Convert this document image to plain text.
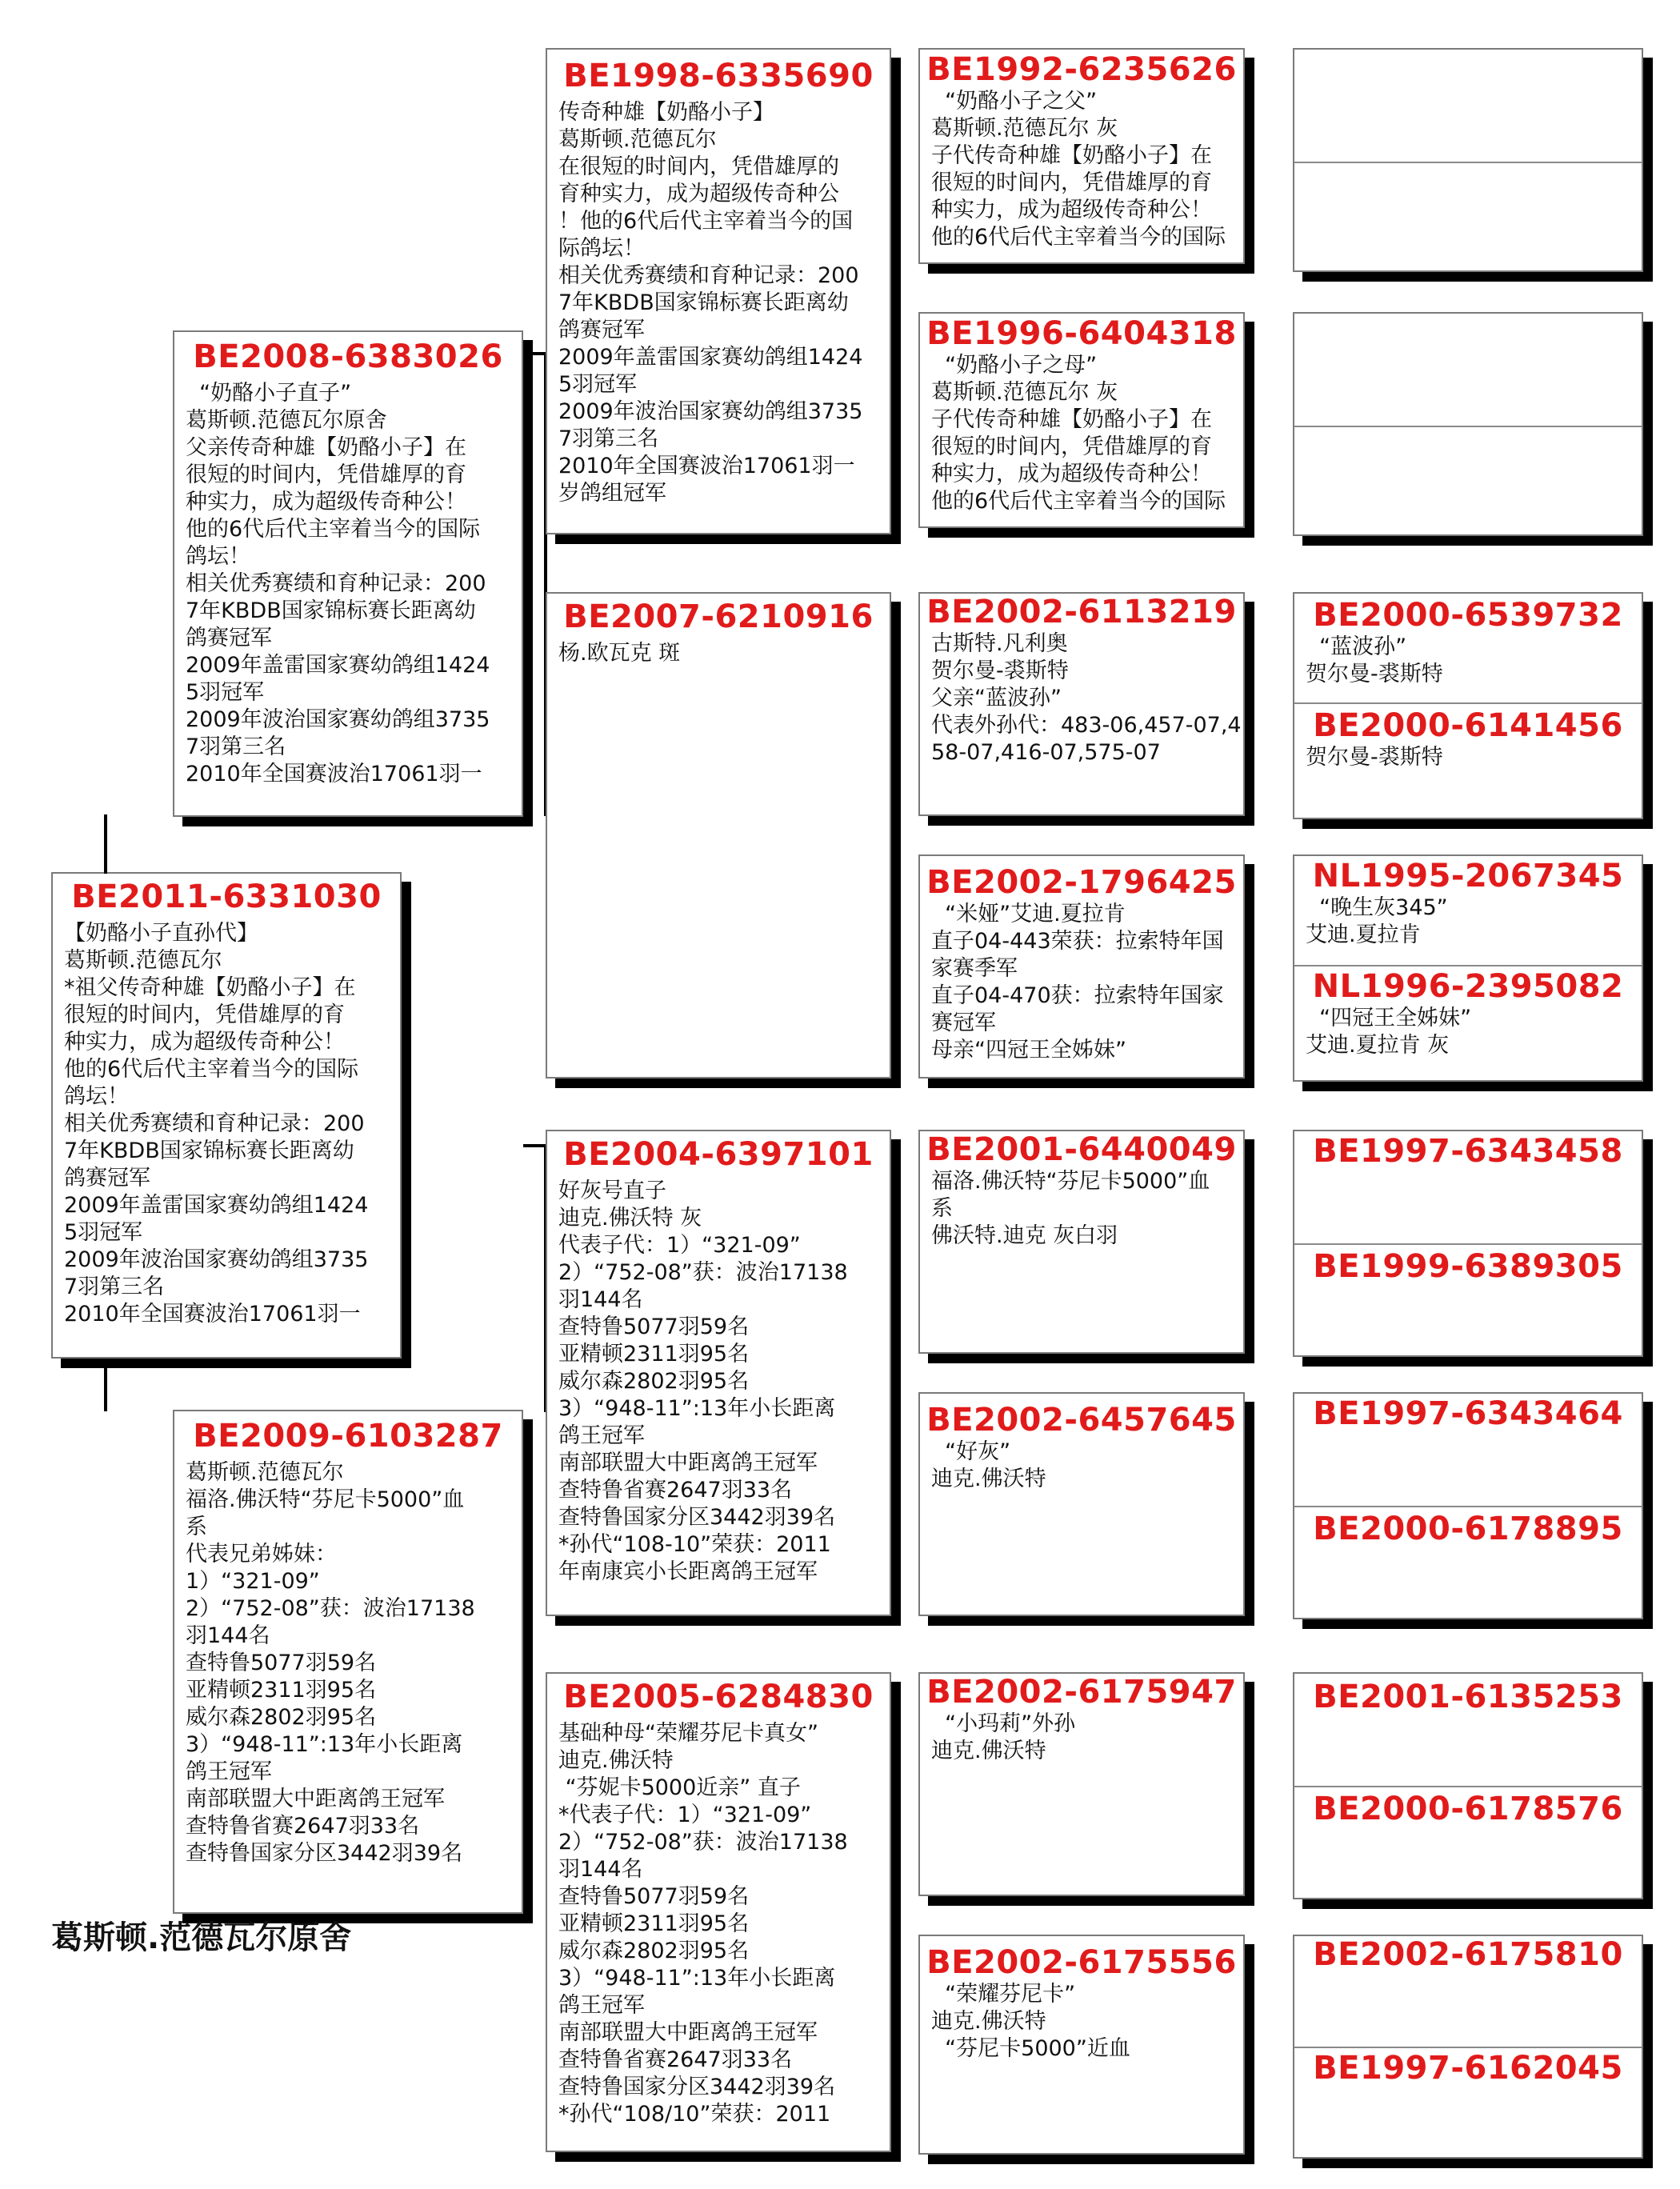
BE2011-6331030
【奶酪小子直孙代】
葛斯顿.范德瓦尔
*祖父传奇种雄【奶酪小子】在
很短的时间内，凭借雄厚的育
种实力，成为超级传奇种公！
他的6代后代主宰着当今的国际
鸽坛！
相关优秀赛绩和育种记录：200
7年KBDB国家锦标赛长距离幼
鸽赛冠军
2009年盖雷国家赛幼鸽组1424
5羽冠军
2009年波治国家赛幼鸽组3735
7羽第三名
2010年全国赛波治17061羽一
BE2008-6383026
“奶酪小子直子”
葛斯顿.范德瓦尔原舍
父亲传奇种雄【奶酪小子】在
很短的时间内，凭借雄厚的育
种实力，成为超级传奇种公！
他的6代后代主宰着当今的国际
鸽坛！
相关优秀赛绩和育种记录：200
7年KBDB国家锦标赛长距离幼
鸽赛冠军
2009年盖雷国家赛幼鸽组1424
5羽冠军
2009年波治国家赛幼鸽组3735
7羽第三名
2010年全国赛波治17061羽一
BE2009-6103287
葛斯顿.范德瓦尔
福洛.佛沃特“芬尼卡5000”血
系
代表兄弟姊妹：
1）“321-09”
2）“752-08”获：波治17138
羽144名
查特鲁5077羽59名
亚精顿2311羽95名
威尔森2802羽95名
3）“948-11”:13年小长距离
鸽王冠军
南部联盟大中距离鸽王冠军
查特鲁省赛2647羽33名
查特鲁国家分区3442羽39名
BE1998-6335690
传奇种雄【奶酪小子】
葛斯顿.范德瓦尔
在很短的时间内，凭借雄厚的
育种实力，成为超级传奇种公
！他的6代后代主宰着当今的国
际鸽坛！
相关优秀赛绩和育种记录：200
7年KBDB国家锦标赛长距离幼
鸽赛冠军
2009年盖雷国家赛幼鸽组1424
5羽冠军
2009年波治国家赛幼鸽组3735
7羽第三名
2010年全国赛波治17061羽一
岁鸽组冠军
BE2007-6210916
杨.欧瓦克 斑
BE2004-6397101
好灰号直子
迪克.佛沃特 灰
代表子代：1）“321-09”
2）“752-08”获：波治17138
羽144名
查特鲁5077羽59名
亚精顿2311羽95名
威尔森2802羽95名
3）“948-11”:13年小长距离
鸽王冠军
南部联盟大中距离鸽王冠军
查特鲁省赛2647羽33名
查特鲁国家分区3442羽39名
*孙代“108-10”荣获：2011
年南康宾小长距离鸽王冠军
BE2005-6284830
基础种母“荣耀芬尼卡真女”
迪克.佛沃特
“芬妮卡5000近亲” 直子
*代表子代：1）“321-09”
2）“752-08”获：波治17138
羽144名
查特鲁5077羽59名
亚精顿2311羽95名
威尔森2802羽95名
3）“948-11”:13年小长距离
鸽王冠军
南部联盟大中距离鸽王冠军
查特鲁省赛2647羽33名
查特鲁国家分区3442羽39名
*孙代“108/10”荣获：2011
BE1992-6235626
“奶酪小子之父”
葛斯顿.范德瓦尔 灰
子代传奇种雄【奶酪小子】在
很短的时间内，凭借雄厚的育
种实力，成为超级传奇种公！
他的6代后代主宰着当今的国际
BE1996-6404318
“奶酪小子之母”
葛斯顿.范德瓦尔 灰
子代传奇种雄【奶酪小子】在
很短的时间内，凭借雄厚的育
种实力，成为超级传奇种公！
他的6代后代主宰着当今的国际
BE2002-6113219
古斯特.凡利奥
贺尔曼-裘斯特
父亲“蓝波孙”
代表外孙代：483-06,457-07,4
58-07,416-07,575-07
BE2002-1796425
“米娅”艾迪.夏拉肯
直子04-443荣获：拉索特年国
家赛季军
直子04-470获：拉索特年国家
赛冠军
母亲“四冠王全姊妹”
BE2001-6440049
福洛.佛沃特“芬尼卡5000”血
系
佛沃特.迪克 灰白羽
BE2002-6457645
“好灰”
迪克.佛沃特
BE2002-6175947
“小玛莉”外孙
迪克.佛沃特
BE2002-6175556
“荣耀芬尼卡”
迪克.佛沃特
“芬尼卡5000”近血
BE2000-6539732
“蓝波孙”
贺尔曼-裘斯特
BE2000-6141456
贺尔曼-裘斯特
NL1995-2067345
“晚生灰345”
艾迪.夏拉肯
NL1996-2395082
“四冠王全姊妹”
艾迪.夏拉肯 灰
BE1997-6343458
BE1999-6389305
BE1997-6343464
BE2000-6178895
BE2001-6135253
BE2000-6178576
BE2002-6175810
BE1997-6162045
葛斯顿.范德瓦尔原舍
